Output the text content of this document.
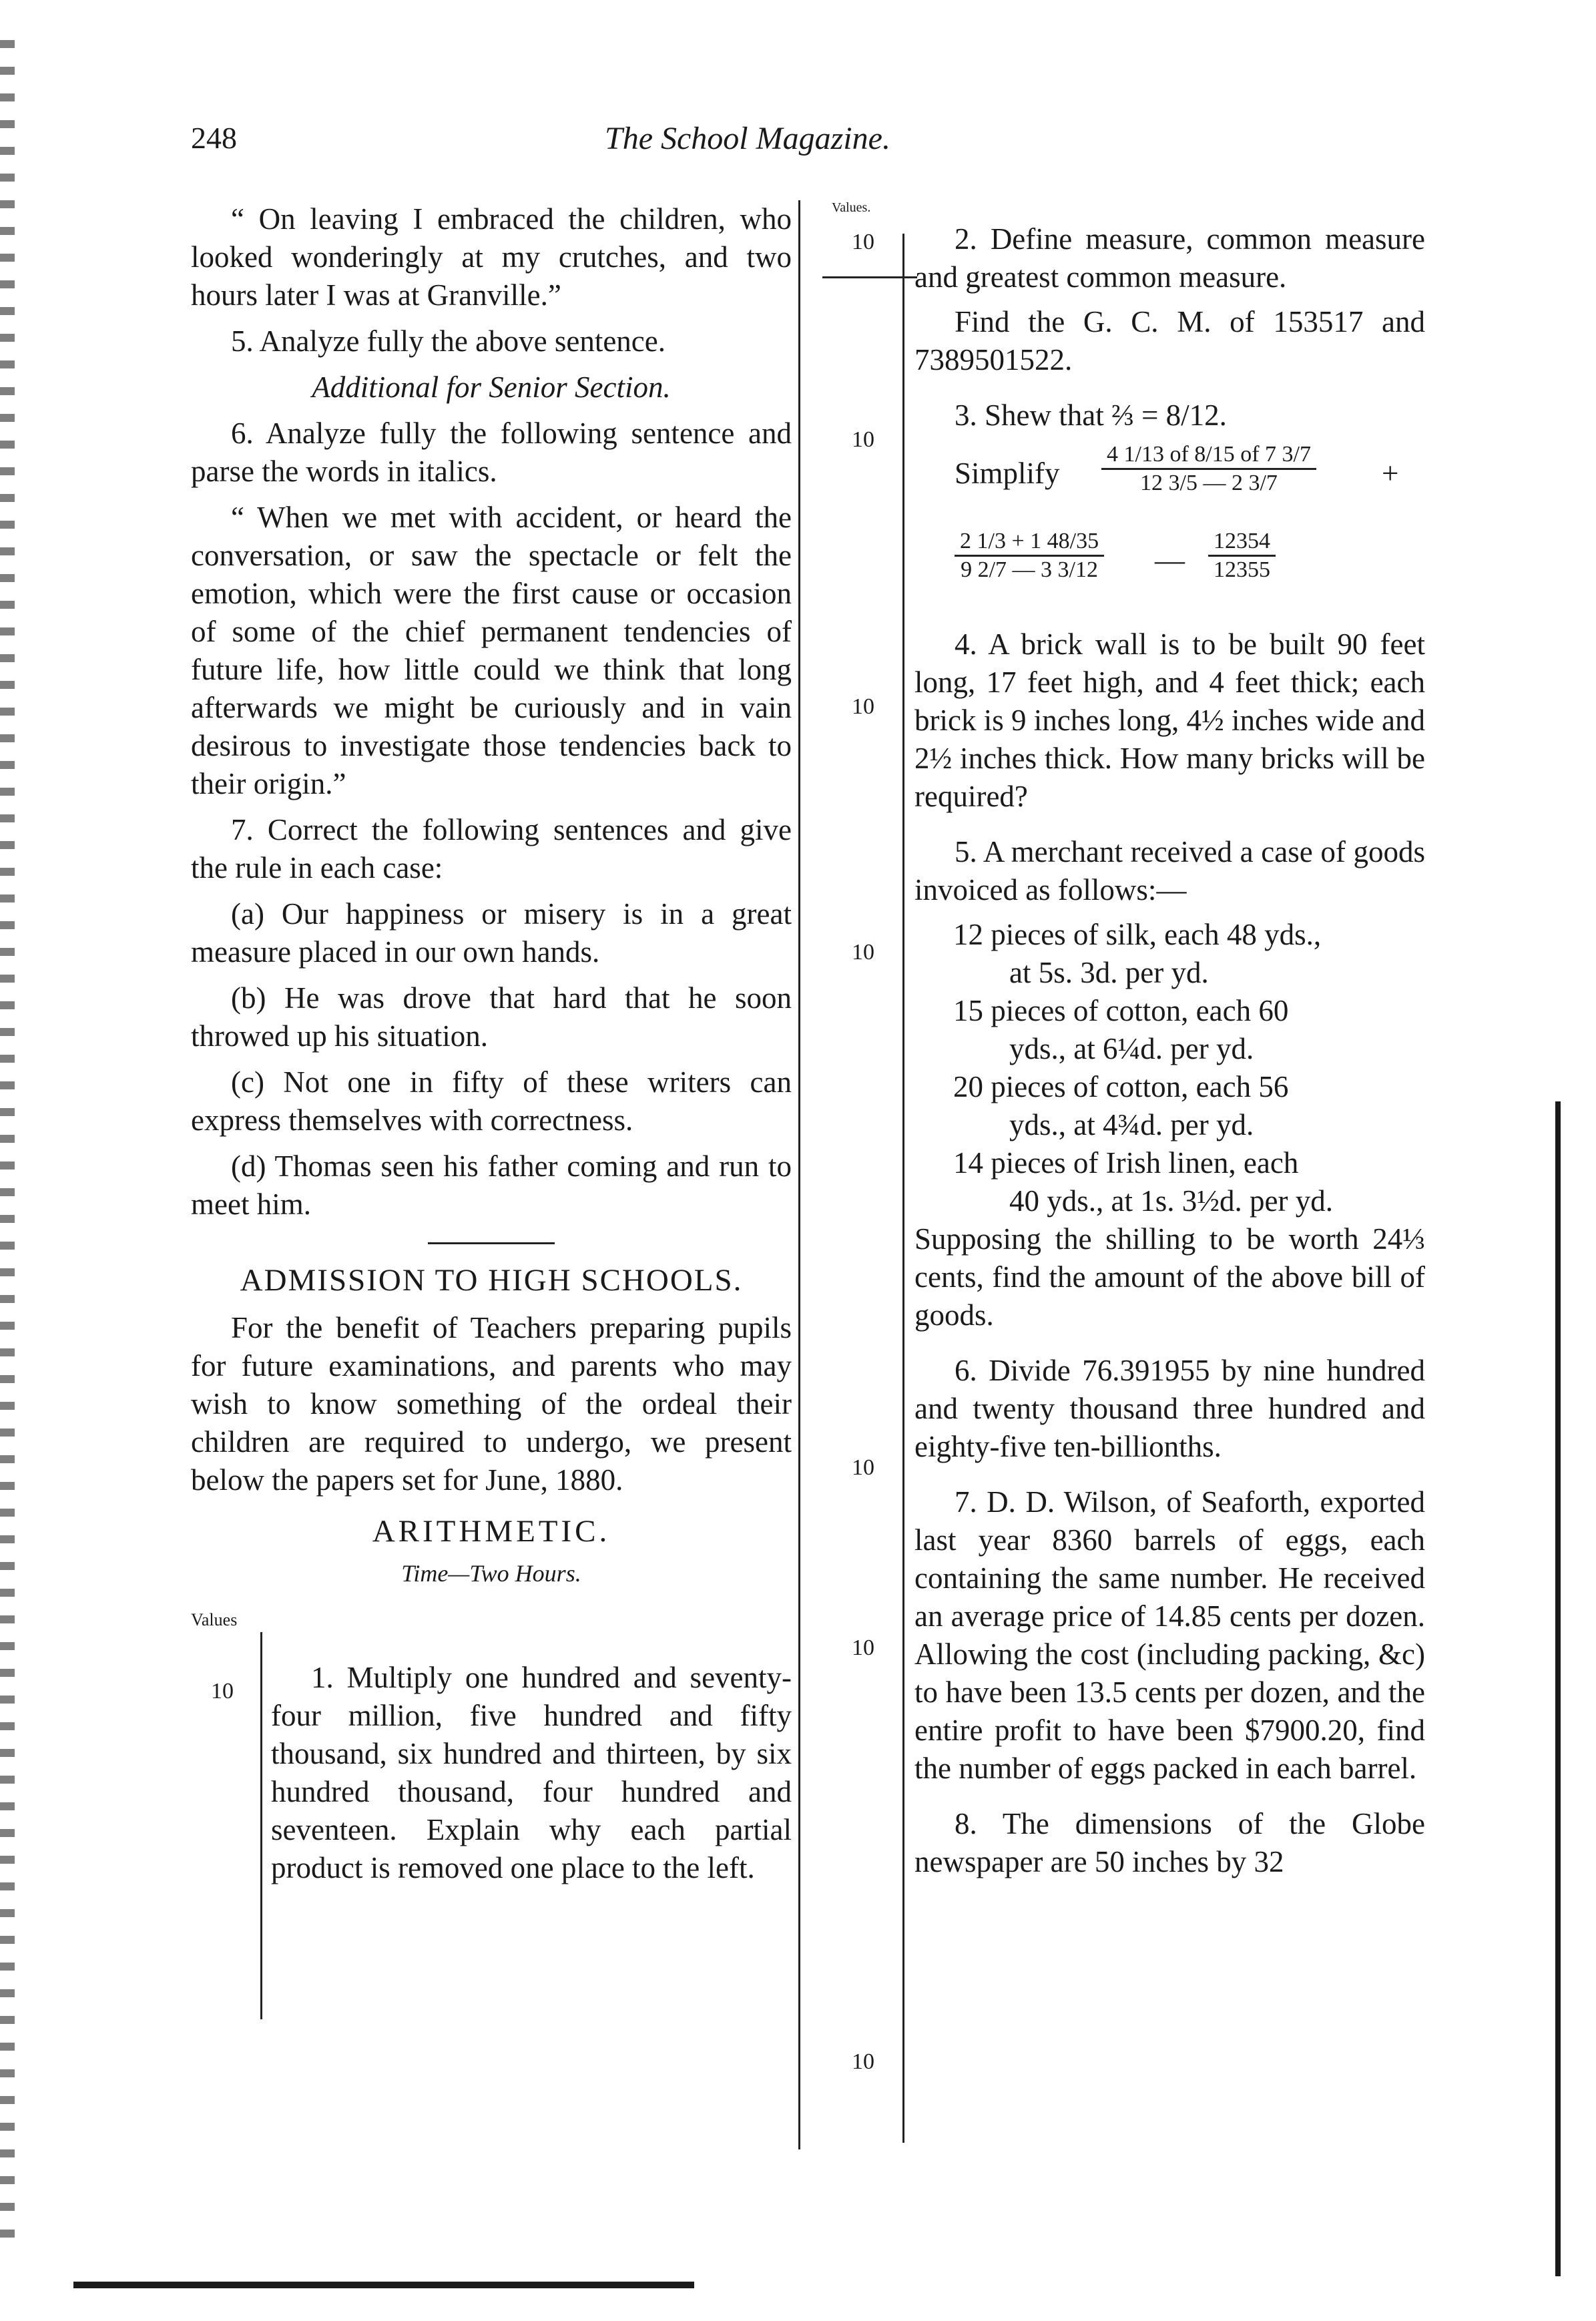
248	The School Magazine.

“ On leaving I embraced the children, who looked wonderingly at my crutches, and two hours later I was at Granville.”

5. Analyze fully the above sentence.

Additional for Senior Section.

6. Analyze fully the following sentence and parse the words in italics.

“ When we met with accident, or heard the conversation, or saw the spectacle or felt the emotion, which were the first cause or occasion of some of the chief permanent tendencies of future life, how little could we think that long afterwards we might be curiously and in vain desirous to investigate those tendencies back to their origin.”

7. Correct the following sentences and give the rule in each case:

(a) Our happiness or misery is in a great measure placed in our own hands.

(b) He was drove that hard that he soon throwed up his situation.

(c) Not one in fifty of these writers can express themselves with correctness.

(d) Thomas seen his father coming and run to meet him.

ADMISSION TO HIGH SCHOOLS.

For the benefit of Teachers preparing pupils for future examinations, and parents who may wish to know something of the ordeal their children are required to undergo, we present below the papers set for June, 1880.

ARITHMETIC.
Time—Two Hours.
Values
10	1. Multiply one hundred and seventy-four million, five hundred and fifty thousand, six hundred and thirteen, by six hundred thousand, four hundred and seventeen. Explain why each partial product is removed one place to the left.

Values.
10
10
10
10
10
10
10

2. Define measure, common measure and greatest common measure.

Find the G. C. M. of 153517 and 7389501522.

3. Shew that ⅔ = 8/12.

Simplify $\frac{4 1/13 of 8/15 of 7 3/7}{12 3/5 — 2 3/7}$ +
$\frac{2 1/3 + 1 48/35}{9 2/7 — 3 3/12}$ — $\frac{12354}{12355}$

4. A brick wall is to be built 90 feet long, 17 feet high, and 4 feet thick; each brick is 9 inches long, 4½ inches wide and 2½ inches thick. How many bricks will be required?

5. A merchant received a case of goods invoiced as follows:—

12 pieces of silk, each 48 yds.,
at 5s. 3d. per yd.
15 pieces of cotton, each 60
yds., at 6¼d. per yd.
20 pieces of cotton, each 56
yds., at 4¾d. per yd.
14 pieces of Irish linen, each
40 yds., at 1s. 3½d. per yd.

Supposing the shilling to be worth 24⅓ cents, find the amount of the above bill of goods.

6. Divide 76.391955 by nine hundred and twenty thousand three hundred and eighty-five ten-billionths.

7. D. D. Wilson, of Seaforth, exported last year 8360 barrels of eggs, each containing the same number. He received an average price of 14.85 cents per dozen. Allowing the cost (including packing, &c) to have been 13.5 cents per dozen, and the entire profit to have been $7900.20, find the number of eggs packed in each barrel.

8. The dimensions of the Globe newspaper are 50 inches by 32
